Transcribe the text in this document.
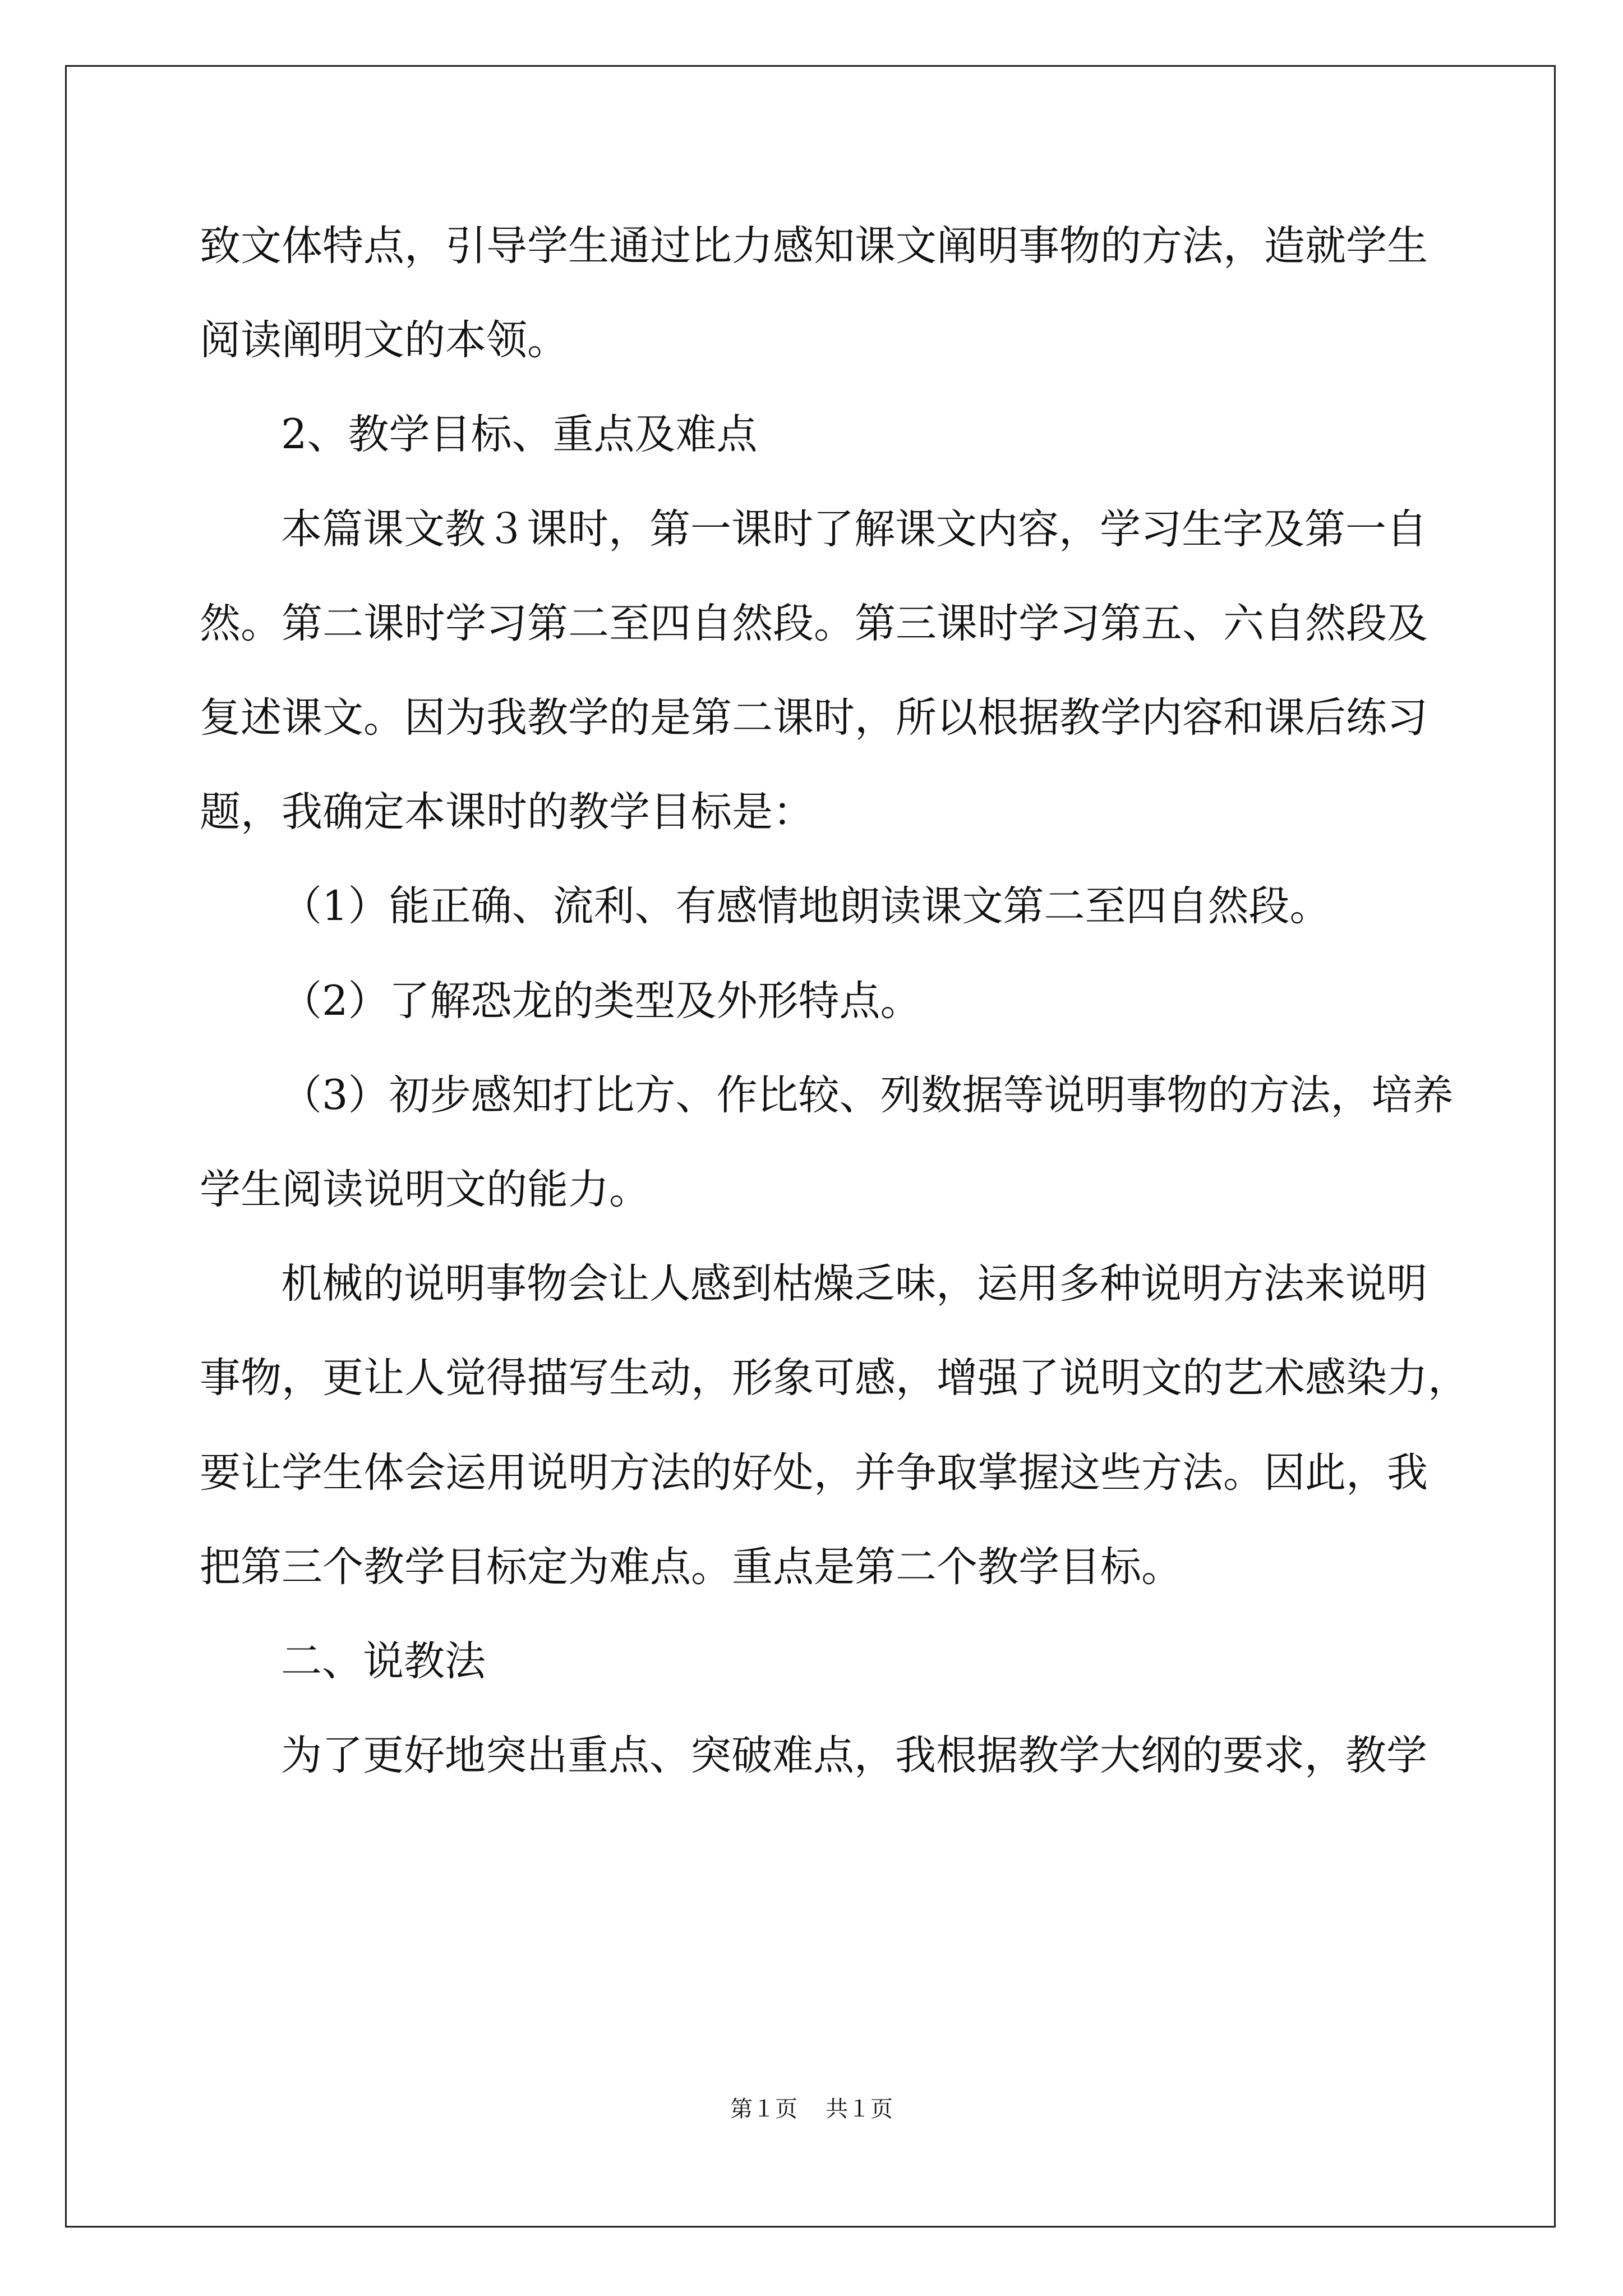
致文体特点，引导学生通过比力感知课文阐明事物的方法，造就学生
阅读阐明文的本领。
2、教学目标、重点及难点
本篇课文教３课时，第一课时了解课文内容，学习生字及第一自
然。第二课时学习第二至四自然段。第三课时学习第五、六自然段及
复述课文。因为我教学的是第二课时，所以根据教学内容和课后练习
题，我确定本课时的教学目标是：
（1）能正确、流利、有感情地朗读课文第二至四自然段。
（2）了解恐龙的类型及外形特点。
（3）初步感知打比方、作比较、列数据等说明事物的方法，培养
学生阅读说明文的能力。
机械的说明事物会让人感到枯燥乏味，运用多种说明方法来说明
事物，更让人觉得描写生动，形象可感，增强了说明文的艺术感染力，
要让学生体会运用说明方法的好处，并争取掌握这些方法。因此，我
把第三个教学目标定为难点。重点是第二个教学目标。
二、说教法
为了更好地突出重点、突破难点，我根据教学大纲的要求，教学
第１页 共１页
